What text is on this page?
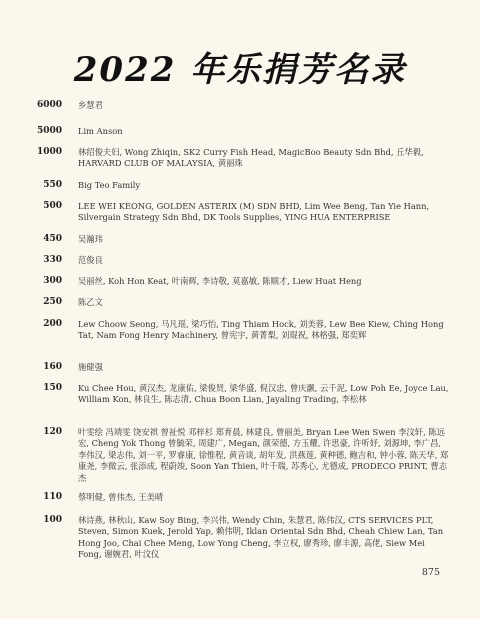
2022 年乐捐芳名录
6000 乡慧君
5000 Lim Anson
1000 林绍俊夫妇, Wong Zhiqin, SK2 Curry Fish Head, MagicBoo Beauty Sdn Bhd, 丘华毅, HARVARD CLUB OF MALAYSIA, 黄丽珠
550 Big Teo Family
500 LEE WEI KEONG, GOLDEN ASTERIX (M) SDN BHD, Lim Wee Beng, Tan Yie Hann, Silvergain Strategy Sdn Bhd, DK Tools Supplies, YING HUA ENTERPRISE
450 吴瀚玮
330 范俊良
300 吴丽丝, Koh Hon Keat, 叶南辉, 李诗敬, 莫嘉敏, 陈顺才, Liew Huat Heng
250 陈乙文
200 Lew Choow Seong, 马凡瑶, 梁巧怡, Ting Thiam Hock, 刘美蓉, Lew Bee Kiew, Ching Hong Tat, Nam Fong Henry Machinery, 曾宪宇, 黄菁梨, 刘琨祝, 林格强, 郑奕辉
160 施健强
150 Ku Chee Hou, 黄汉杰, 龙康佑, 梁俊贤, 梁华盛, 倪汉忠, 曾庆灏, 云千泥, Low Poh Ee, Joyce Lau, William Kon, 林良生, 陈志清, Chua Boon Lian, Jayaling Trading, 李松林
120 叶雯绘 冯靖雯 饶安祺 曾祉悦 邓梓杉 郑育晨, 林建良, 曾丽美, Bryan Lee Wen Swen 李汶轩, 陈远宏, Cheng Yok Thong 曾毓荣, 周建广, Megan, 颜荣德, 方玉耀, 许思豪, 许听妤, 刘源坤, 李广昌, 李伟汉, 梁志伟, 刘一平, 罗睿康, 徐惟程, 黄音谈, 胡年发, 洪燕莲, 黄种德, 鲍吉和, 钟小蓉, 陈天华, 郑康尧, 李微云, 张添成, 程蔚竣, Soon Yan Thien, 叶千瑞, 苏秀心, 尤德成, PRODECO PRINT, 曹志杰
110 蔡明健, 曾伟杰, 王美晴
100 林诗燕, 林秋山, Kaw Soy Bing, 李兴伟, Wendy Chin, 朱慧君, 陈伟汉, CTS SERVICES PLT, Steven, Simon Kuek, Jerold Yap, 赖伟明, Iklan Oriental Sdn Bhd, Cheah Chiew Lan, Tan Hong Joo, Chai Chee Meng, Low Yong Cheng, 李立权, 廖秀珍, 廖丰源, 高佬, Siew Mei Fong, 谢婉君, 叶汶仪
875
